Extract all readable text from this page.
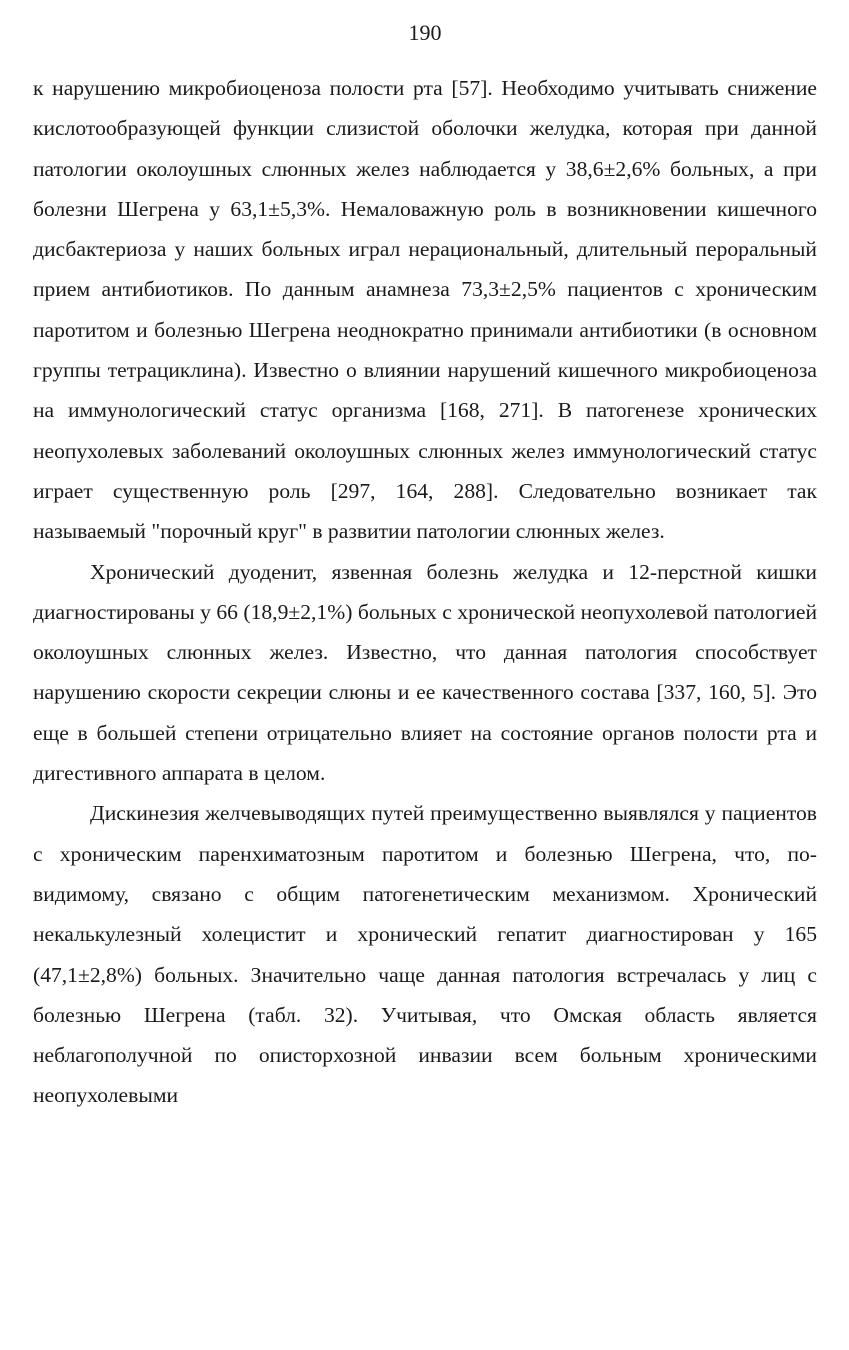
190

к нарушению микробиоценоза полости рта [57]. Необходимо учитывать снижение кислотообразующей функции слизистой оболочки желудка, которая при данной патологии околоушных слюнных желез наблюдается у 38,6±2,6% больных, а при болезни Шегрена у 63,1±5,3%. Немаловажную роль в возникновении кишечного дисбактериоза у наших больных играл нерациональный, длительный пероральный прием антибиотиков. По данным анамнеза 73,3±2,5% пациентов с хроническим паротитом и болезнью Шегрена неоднократно принимали антибиотики (в основном группы тетрациклина). Известно о влиянии нарушений кишечного микробиоценоза на иммунологический статус организма [168, 271]. В патогенезе хронических неопухолевых заболеваний околоушных слюнных желез иммунологический статус играет существенную роль [297, 164, 288]. Следовательно возникает так называемый "порочный круг" в развитии патологии слюнных желез.

Хронический дуоденит, язвенная болезнь желудка и 12-перстной кишки диагностированы у 66 (18,9±2,1%) больных с хронической неопухолевой патологией околоушных слюнных желез. Известно, что данная патология способствует нарушению скорости секреции слюны и ее качественного состава [337, 160, 5]. Это еще в большей степени отрицательно влияет на состояние органов полости рта и дигестивного аппарата в целом.

Дискинезия желчевыводящих путей преимущественно выявлялся у пациентов с хроническим паренхиматозным паротитом и болезнью Шегрена, что, по-видимому, связано с общим патогенетическим механизмом. Хронический некалькулезный холецистит и хронический гепатит диагностирован у 165 (47,1±2,8%) больных. Значительно чаще данная патология встречалась у лиц с болезнью Шегрена (табл. 32). Учитывая, что Омская область является неблагополучной по описторхозной инвазии всем больным хроническими неопухолевыми
